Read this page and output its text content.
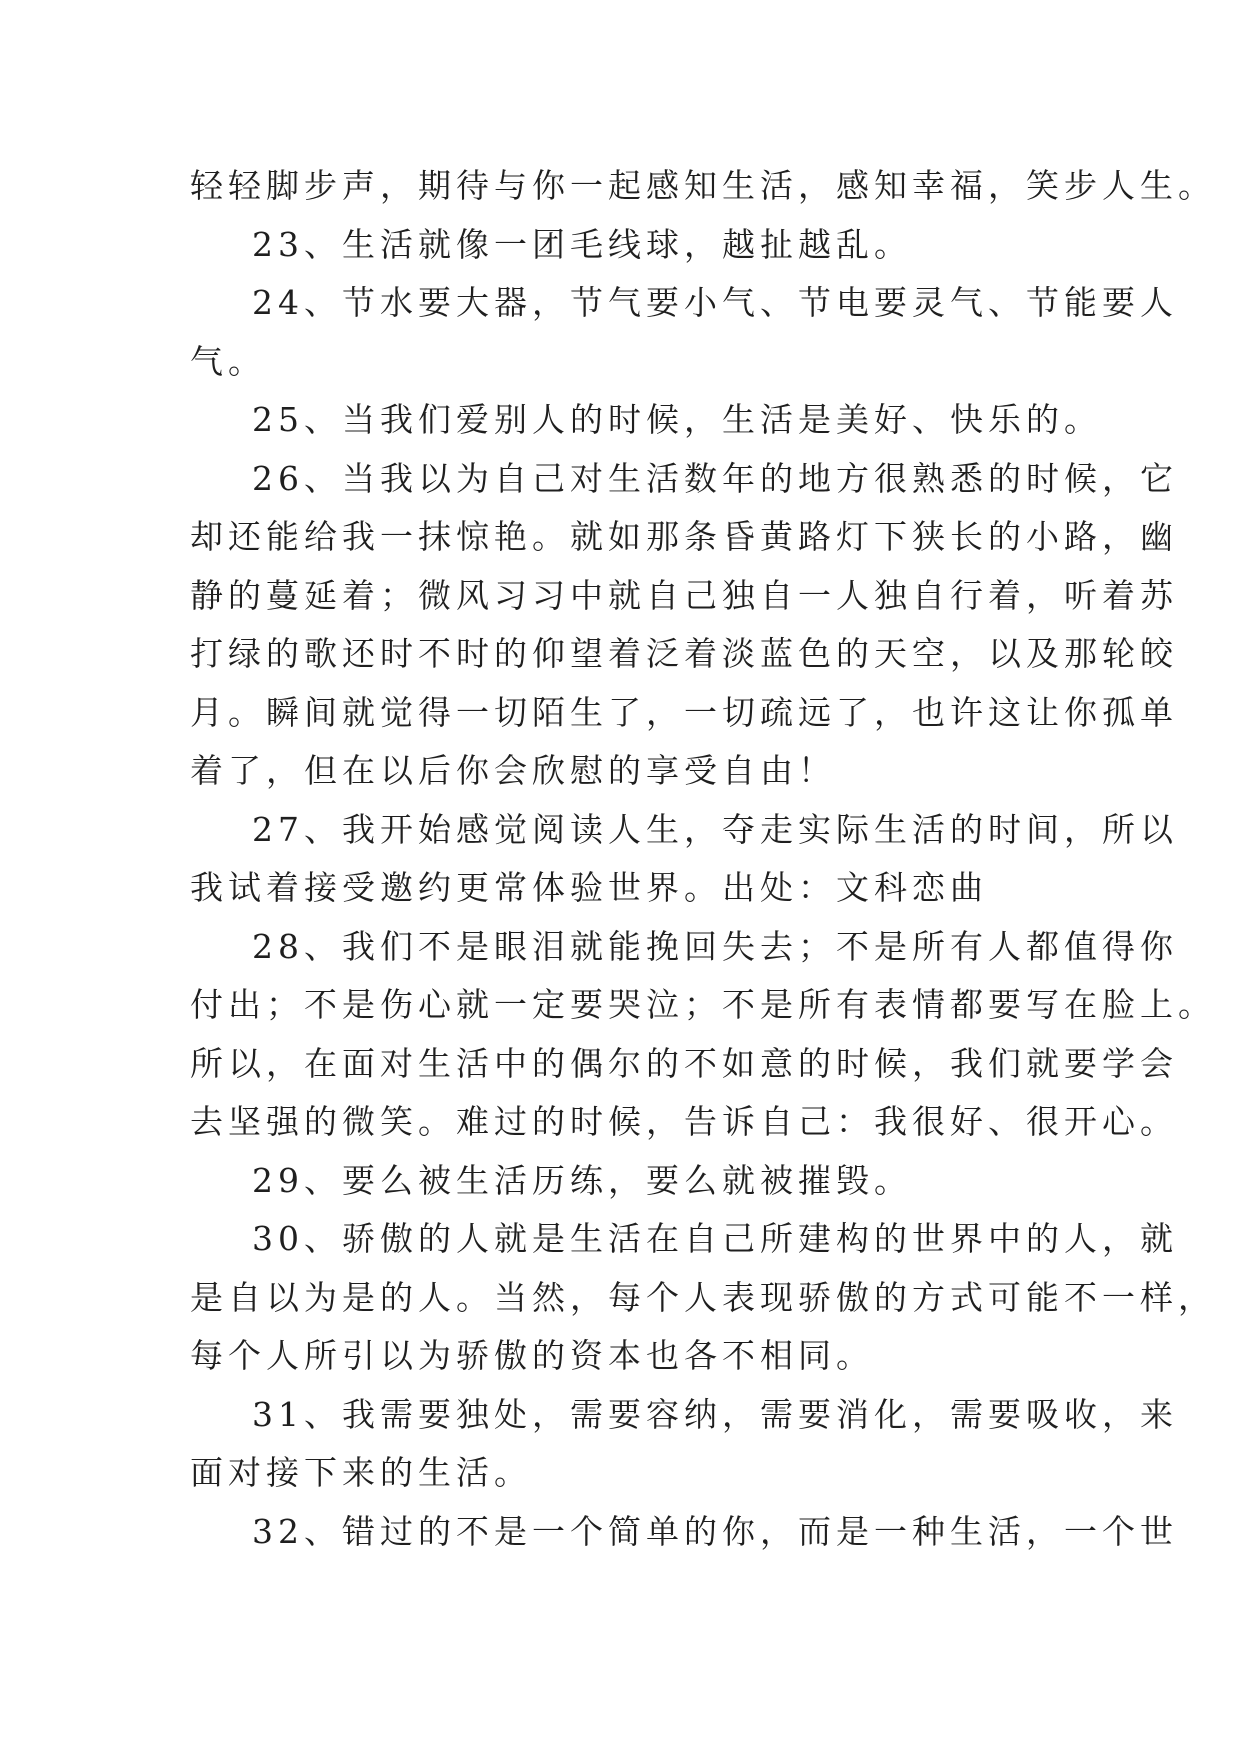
轻轻脚步声，期待与你一起感知生活，感知幸福，笑步人生。
23、生活就像一团毛线球，越扯越乱。
24、节水要大器，节气要小气、节电要灵气、节能要人
气。
25、当我们爱别人的时候，生活是美好、快乐的。
26、当我以为自己对生活数年的地方很熟悉的时候，它
却还能给我一抹惊艳。就如那条昏黄路灯下狭长的小路，幽
静的蔓延着；微风习习中就自己独自一人独自行着，听着苏
打绿的歌还时不时的仰望着泛着淡蓝色的天空，以及那轮皎
月。瞬间就觉得一切陌生了，一切疏远了，也许这让你孤单
着了，但在以后你会欣慰的享受自由！
27、我开始感觉阅读人生，夺走实际生活的时间，所以
我试着接受邀约更常体验世界。出处：文科恋曲
28、我们不是眼泪就能挽回失去；不是所有人都值得你
付出；不是伤心就一定要哭泣；不是所有表情都要写在脸上。
所以，在面对生活中的偶尔的不如意的时候，我们就要学会
去坚强的微笑。难过的时候，告诉自己：我很好、很开心。
29、要么被生活历练，要么就被摧毁。
30、骄傲的人就是生活在自己所建构的世界中的人，就
是自以为是的人。当然，每个人表现骄傲的方式可能不一样，
每个人所引以为骄傲的资本也各不相同。
31、我需要独处，需要容纳，需要消化，需要吸收，来
面对接下来的生活。
32、错过的不是一个简单的你，而是一种生活，一个世
